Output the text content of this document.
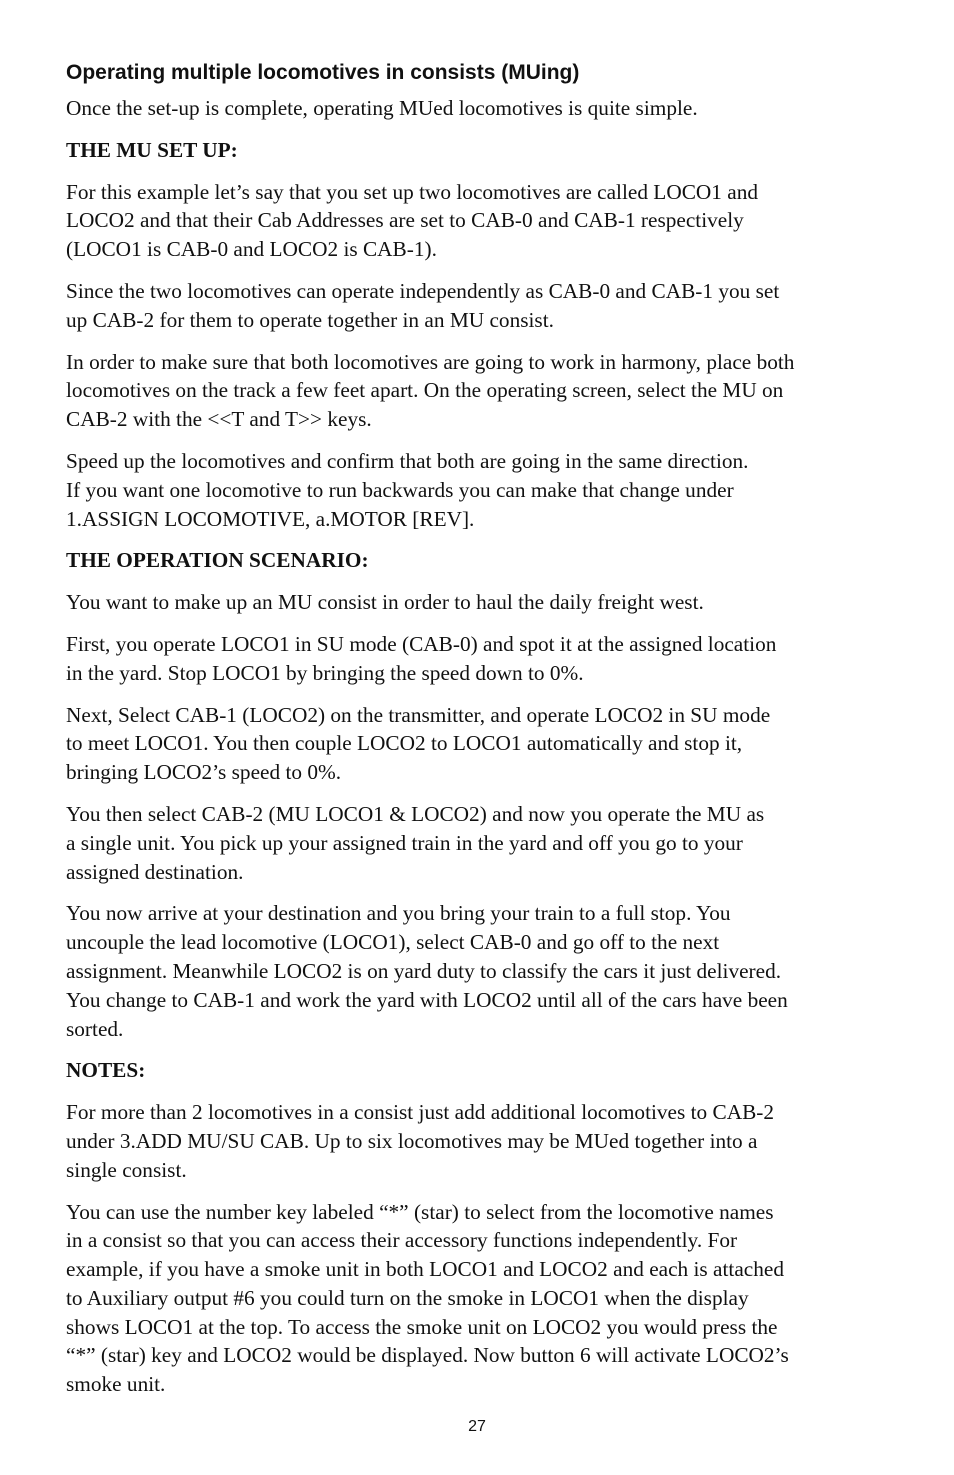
Operating multiple locomotives in consists (MUing)

Once the set-up is complete, operating MUed locomotives is quite simple.

THE MU SET UP:

For this example let’s say that you set up two locomotives are called LOCO1 and
LOCO2 and that their Cab Addresses are set to CAB-0 and CAB-1 respectively
(LOCO1 is CAB-0 and LOCO2 is CAB-1).

Since the two locomotives can operate independently as CAB-0 and CAB-1 you set
up CAB-2 for them to operate together in an MU consist.

In order to make sure that both locomotives are going to work in harmony, place both
locomotives on the track a few feet apart. On the operating screen, select the MU on
CAB-2 with the <<T and T>> keys.

Speed up the locomotives and confirm that both are going in the same direction.
If you want one locomotive to run backwards you can make that change under
1.ASSIGN LOCOMOTIVE, a.MOTOR [REV].

THE OPERATION SCENARIO:

You want to make up an MU consist in order to haul the daily freight west.

First, you operate LOCO1 in SU mode (CAB-0) and spot it at the assigned location
in the yard. Stop LOCO1 by bringing the speed down to 0%.

Next, Select CAB-1 (LOCO2) on the transmitter, and operate LOCO2 in SU mode
to meet LOCO1. You then couple LOCO2 to LOCO1 automatically and stop it,
bringing LOCO2’s speed to 0%.

You then select CAB-2 (MU LOCO1 & LOCO2) and now you operate the MU as
a single unit. You pick up your assigned train in the yard and off you go to your
assigned destination.

You now arrive at your destination and you bring your train to a full stop. You
uncouple the lead locomotive (LOCO1), select CAB-0 and go off to the next
assignment. Meanwhile LOCO2 is on yard duty to classify the cars it just delivered.
You change to CAB-1 and work the yard with LOCO2 until all of the cars have been
sorted.

NOTES:

For more than 2 locomotives in a consist just add additional locomotives to CAB-2
under 3.ADD MU/SU CAB. Up to six locomotives may be MUed together into a
single consist.

You can use the number key labeled “*” (star) to select from the locomotive names
in a consist so that you can access their accessory functions independently. For
example, if you have a smoke unit in both LOCO1 and LOCO2 and each is attached
to Auxiliary output #6 you could turn on the smoke in LOCO1 when the display
shows LOCO1 at the top. To access the smoke unit on LOCO2 you would press the
“*” (star) key and LOCO2 would be displayed. Now button 6 will activate LOCO2’s
smoke unit.

27
